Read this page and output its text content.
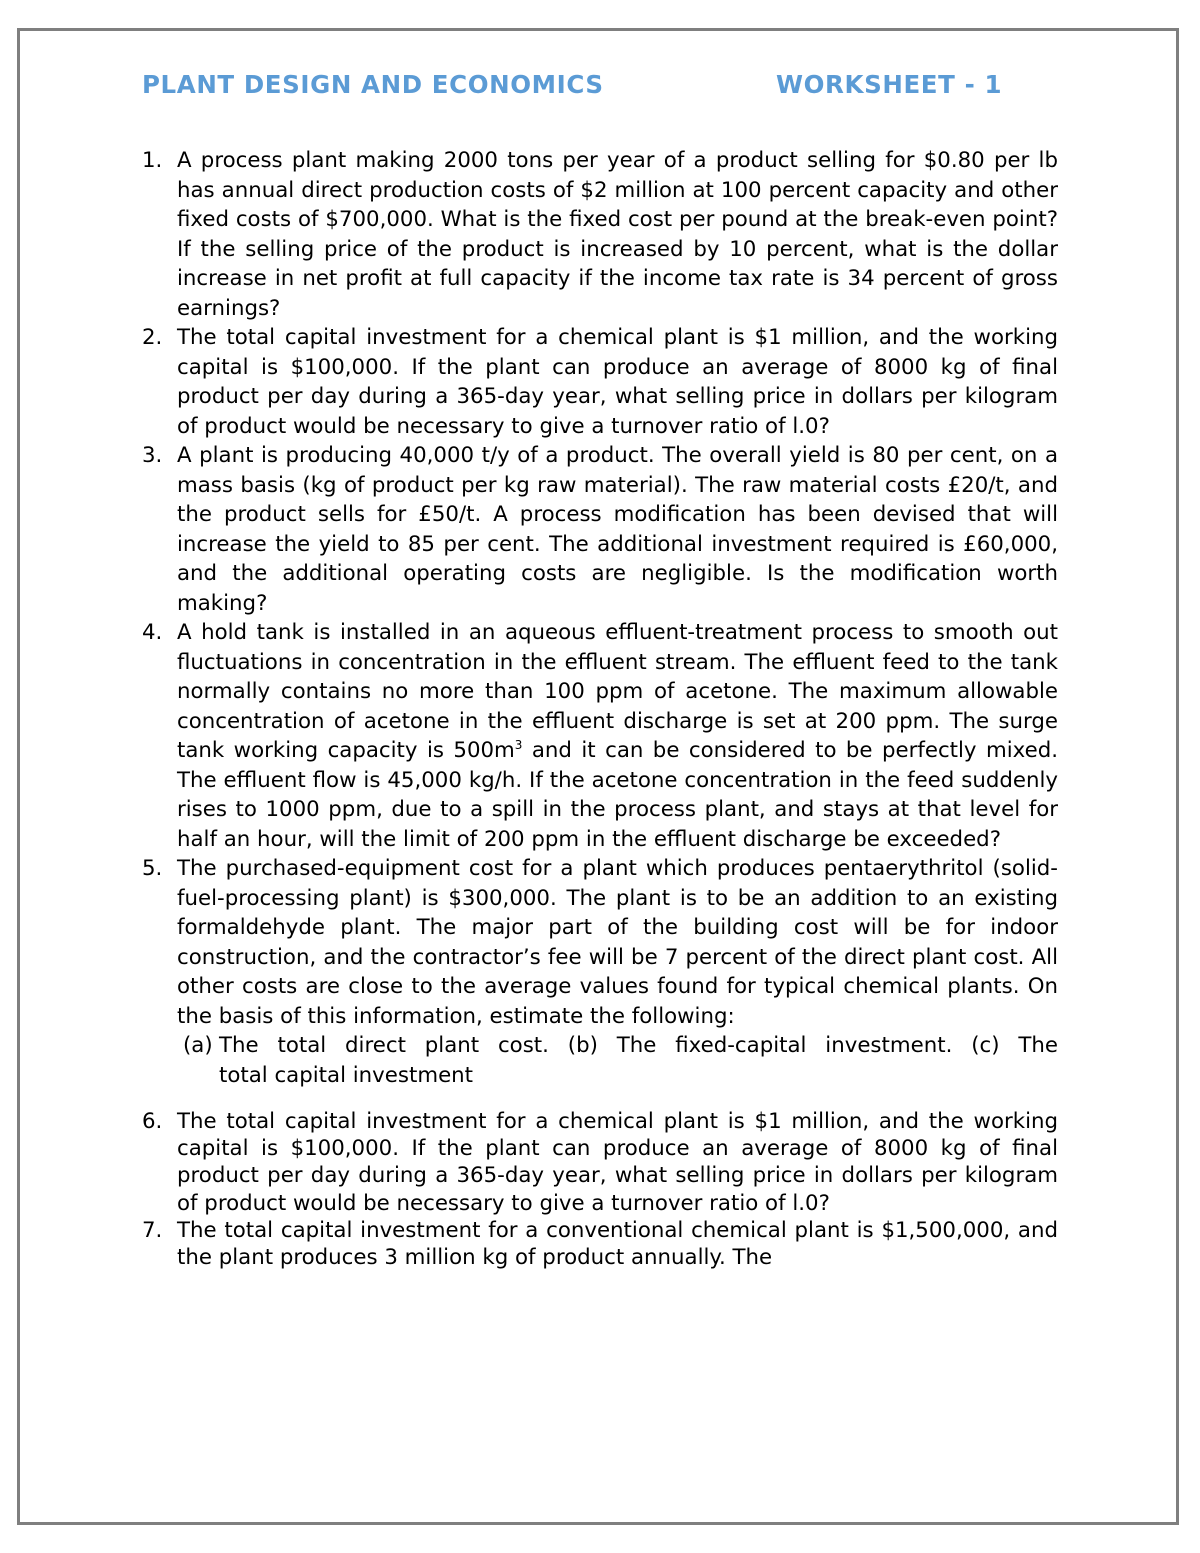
PLANT DESIGN AND ECONOMICS	WORKSHEET - 1
1. A process plant making 2000 tons per year of a product selling for $0.80 per lb has annual direct production costs of $2 million at 100 percent capacity and other fixed costs of $700,000. What is the fixed cost per pound at the break-even point? If the selling price of the product is increased by 10 percent, what is the dollar increase in net profit at full capacity if the income tax rate is 34 percent of gross earnings?
2. The total capital investment for a chemical plant is $1 million, and the working capital is $100,000. If the plant can produce an average of 8000 kg of final product per day during a 365-day year, what selling price in dollars per kilogram of product would be necessary to give a turnover ratio of l.0?
3. A plant is producing 40,000 t/y of a product. The overall yield is 80 per cent, on a mass basis (kg of product per kg raw material). The raw material costs £20/t, and the product sells for £50/t. A process modification has been devised that will increase the yield to 85 per cent. The additional investment required is £60,000, and the additional operating costs are negligible. Is the modification worth making?
4. A hold tank is installed in an aqueous effluent-treatment process to smooth out fluctuations in concentration in the effluent stream. The effluent feed to the tank normally contains no more than 100 ppm of acetone. The maximum allowable concentration of acetone in the effluent discharge is set at 200 ppm. The surge tank working capacity is $500m^3$ and it can be considered to be perfectly mixed. The effluent flow is 45,000 kg/h. If the acetone concentration in the feed suddenly rises to 1000 ppm, due to a spill in the process plant, and stays at that level for half an hour, will the limit of 200 ppm in the effluent discharge be exceeded?
5. The purchased-equipment cost for a plant which produces pentaerythritol (solid- fuel-processing plant) is $300,000. The plant is to be an addition to an existing formaldehyde plant. The major part of the building cost will be for indoor construction, and the contractor’s fee will be 7 percent of the direct plant cost. All other costs are close to the average values found for typical chemical plants. On the basis of this information, estimate the following:
(a) The total direct plant cost. (b) The fixed-capital investment. (c) The
total capital investment
6. The total capital investment for a chemical plant is $1 million, and the working capital is $100,000. If the plant can produce an average of 8000 kg of final product per day during a 365-day year, what selling price in dollars per kilogram of product would be necessary to give a turnover ratio of l.0?
7. The total capital investment for a conventional chemical plant is $1,500,000, and the plant produces 3 million kg of product annually. The
